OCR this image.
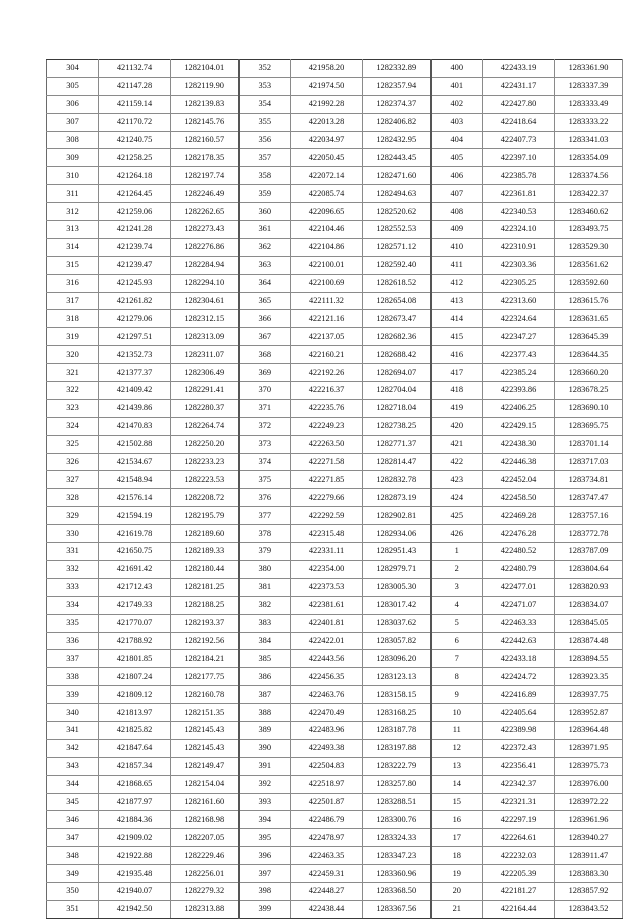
304	421132.74	1282104.01	352	421958.20	1282332.89	400	422433.19	1283361.90
305	421147.28	1282119.90	353	421974.50	1282357.94	401	422431.17	1283337.39
306	421159.14	1282139.83	354	421992.28	1282374.37	402	422427.80	1283333.49
307	421170.72	1282145.76	355	422013.28	1282406.82	403	422418.64	1283333.22
308	421240.75	1282160.57	356	422034.97	1282432.95	404	422407.73	1283341.03
309	421258.25	1282178.35	357	422050.45	1282443.45	405	422397.10	1283354.09
310	421264.18	1282197.74	358	422072.14	1282471.60	406	422385.78	1283374.56
311	421264.45	1282246.49	359	422085.74	1282494.63	407	422361.81	1283422.37
312	421259.06	1282262.65	360	422096.65	1282520.62	408	422340.53	1283460.62
313	421241.28	1282273.43	361	422104.46	1282552.53	409	422324.10	1283493.75
314	421239.74	1282276.86	362	422104.86	1282571.12	410	422310.91	1283529.30
315	421239.47	1282284.94	363	422100.01	1282592.40	411	422303.36	1283561.62
316	421245.93	1282294.10	364	422100.69	1282618.52	412	422305.25	1283592.60
317	421261.82	1282304.61	365	422111.32	1282654.08	413	422313.60	1283615.76
318	421279.06	1282312.15	366	422121.16	1282673.47	414	422324.64	1283631.65
319	421297.51	1282313.09	367	422137.05	1282682.36	415	422347.27	1283645.39
320	421352.73	1282311.07	368	422160.21	1282688.42	416	422377.43	1283644.35
321	421377.37	1282306.49	369	422192.26	1282694.07	417	422385.24	1283660.20
322	421409.42	1282291.41	370	422216.37	1282704.04	418	422393.86	1283678.25
323	421439.86	1282280.37	371	422235.76	1282718.04	419	422406.25	1283690.10
324	421470.83	1282264.74	372	422249.23	1282738.25	420	422429.15	1283695.75
325	421502.88	1282250.20	373	422263.50	1282771.37	421	422438.30	1283701.14
326	421534.67	1282233.23	374	422271.58	1282814.47	422	422446.38	1283717.03
327	421548.94	1282223.53	375	422271.85	1282832.78	423	422452.04	1283734.81
328	421576.14	1282208.72	376	422279.66	1282873.19	424	422458.50	1283747.47
329	421594.19	1282195.79	377	422292.59	1282902.81	425	422469.28	1283757.16
330	421619.78	1282189.60	378	422315.48	1282934.06	426	422476.28	1283772.78
331	421650.75	1282189.33	379	422331.11	1282951.43	1	422480.52	1283787.09
332	421691.42	1282180.44	380	422354.00	1282979.71	2	422480.79	1283804.64
333	421712.43	1282181.25	381	422373.53	1283005.30	3	422477.01	1283820.93
334	421749.33	1282188.25	382	422381.61	1283017.42	4	422471.07	1283834.07
335	421770.07	1282193.37	383	422401.81	1283037.62	5	422463.33	1283845.05
336	421788.92	1282192.56	384	422422.01	1283057.82	6	422442.63	1283874.48
337	421801.85	1282184.21	385	422443.56	1283096.20	7	422433.18	1283894.55
338	421807.24	1282177.75	386	422456.35	1283123.13	8	422424.72	1283923.35
339	421809.12	1282160.78	387	422463.76	1283158.15	9	422416.89	1283937.75
340	421813.97	1282151.35	388	422470.49	1283168.25	10	422405.64	1283952.87
341	421825.82	1282145.43	389	422483.96	1283187.78	11	422389.98	1283964.48
342	421847.64	1282145.43	390	422493.38	1283197.88	12	422372.43	1283971.95
343	421857.34	1282149.47	391	422504.83	1283222.79	13	422356.41	1283975.73
344	421868.65	1282154.04	392	422518.97	1283257.80	14	422342.37	1283976.00
345	421877.97	1282161.60	393	422501.87	1283288.51	15	422321.31	1283972.22
346	421884.36	1282168.98	394	422486.79	1283300.76	16	422297.19	1283961.96
347	421909.02	1282207.05	395	422478.97	1283324.33	17	422264.61	1283940.27
348	421922.88	1282229.46	396	422463.35	1283347.23	18	422232.03	1283911.47
349	421935.48	1282256.01	397	422459.31	1283360.96	19	422205.39	1283883.30
350	421940.07	1282279.32	398	422448.27	1283368.50	20	422181.27	1283857.92
351	421942.50	1282313.88	399	422438.44	1283367.56	21	422164.44	1283843.52
